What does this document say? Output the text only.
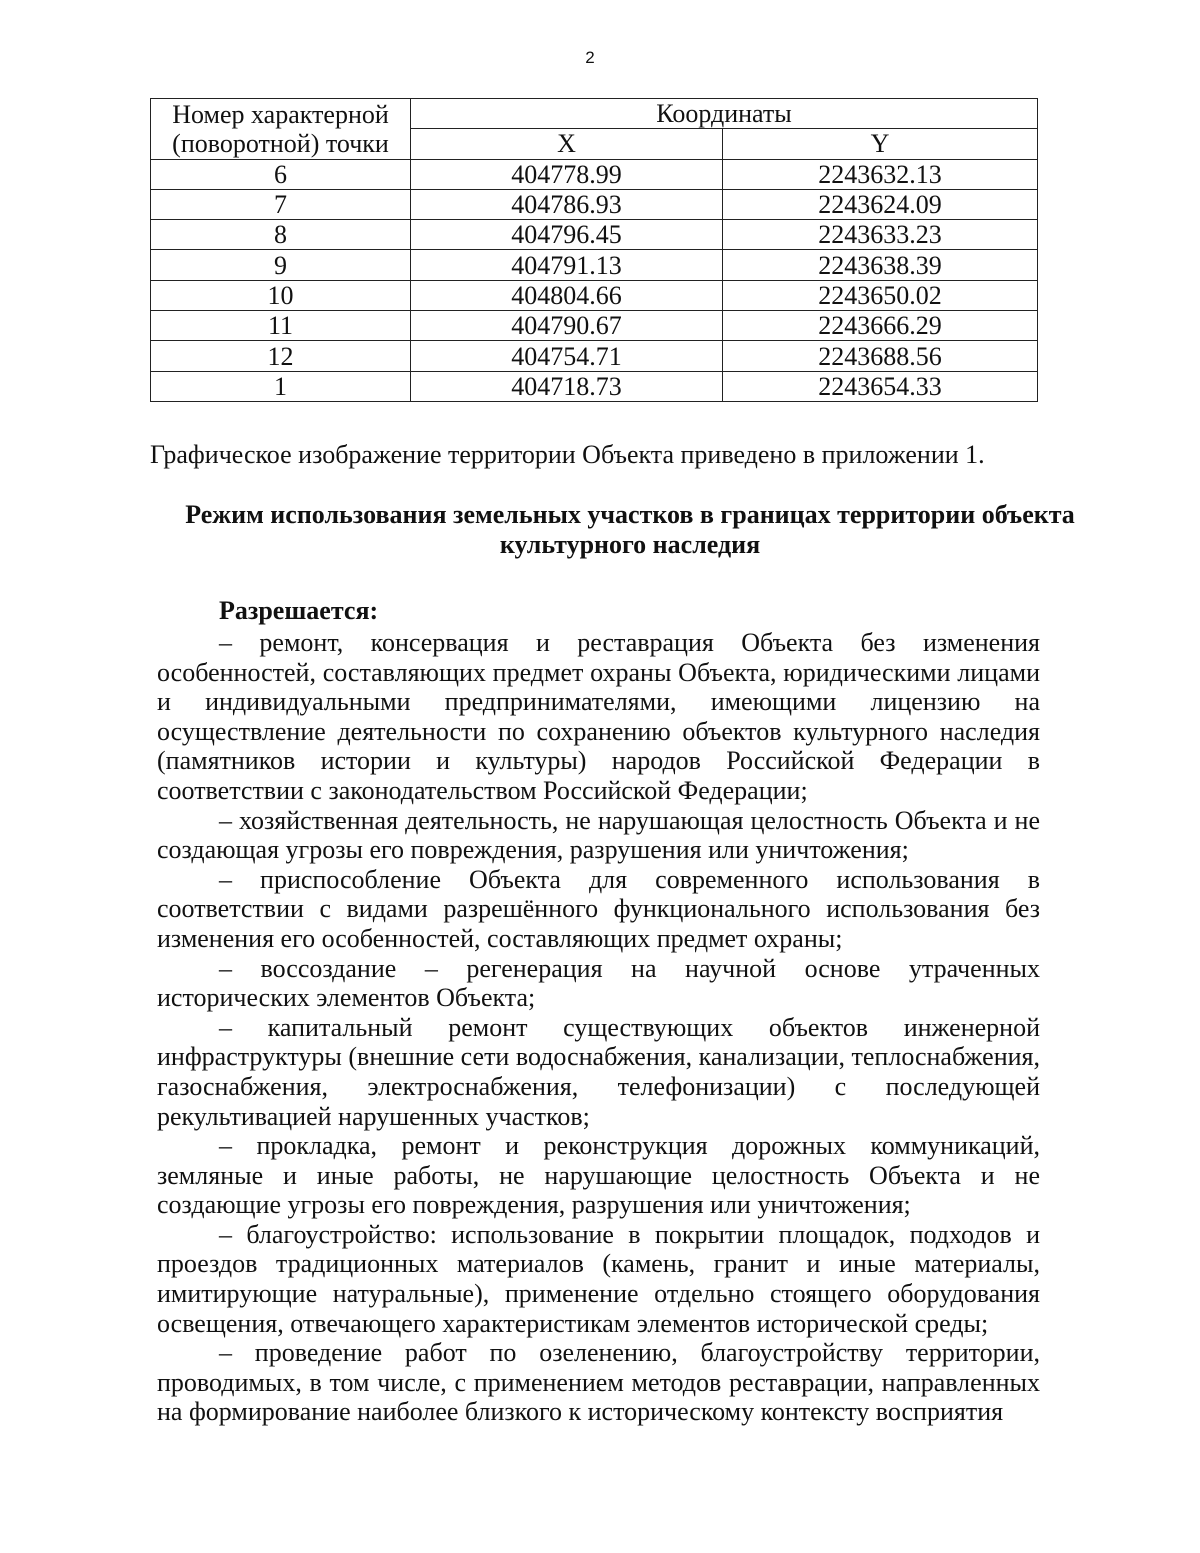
2
Номер характерной (поворотной) точки	Координаты	
	X	Y
6	404778.99	2243632.13
7	404786.93	2243624.09
8	404796.45	2243633.23
9	404791.13	2243638.39
10	404804.66	2243650.02
11	404790.67	2243666.29
12	404754.71	2243688.56
1	404718.73	2243654.33
Графическое изображение территории Объекта приведено в приложении 1.
Режим использования земельных участков в границах территории объекта культурного наследия
Разрешается:

– ремонт, консервация и реставрация Объекта без изменения особенностей, составляющих предмет охраны Объекта, юридическими лицами и индивидуальными предпринимателями, имеющими лицензию на осуществление деятельности по сохранению объектов культурного наследия (памятников истории и культуры) народов Российской Федерации в соответствии с законодательством Российской Федерации;

– хозяйственная деятельность, не нарушающая целостность Объекта и не создающая угрозы его повреждения, разрушения или уничтожения;

– приспособление Объекта для современного использования в соответствии с видами разрешённого функционального использования без изменения его особенностей, составляющих предмет охраны;

– воссоздание – регенерация на научной основе утраченных исторических элементов Объекта;

– капитальный ремонт существующих объектов инженерной инфраструктуры (внешние сети водоснабжения, канализации, теплоснабжения, газоснабжения, электроснабжения, телефонизации) с последующей рекультивацией нарушенных участков;

– прокладка, ремонт и реконструкция дорожных коммуникаций, земляные и иные работы, не нарушающие целостность Объекта и не создающие угрозы его повреждения, разрушения или уничтожения;

– благоустройство: использование в покрытии площадок, подходов и проездов традиционных материалов (камень, гранит и иные материалы, имитирующие натуральные), применение отдельно стоящего оборудования освещения, отвечающего характеристикам элементов исторической среды;

– проведение работ по озеленению, благоустройству территории, проводимых, в том числе, с применением методов реставрации, направленных на формирование наиболее близкого к историческому контексту восприятия
